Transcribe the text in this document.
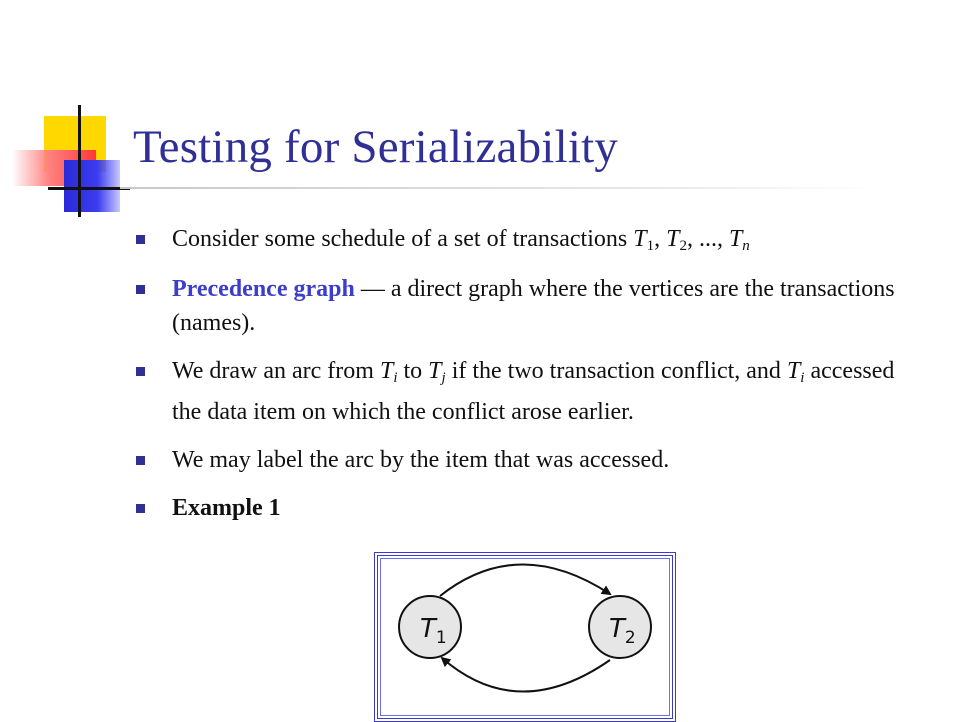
Testing for Serializability
Consider some schedule of a set of transactions $T_1$, $T_2$, ..., $T_n$
Precedence graph — a direct graph where the vertices are the transactions (names).
We draw an arc from $T_i$ to $T_j$ if the two transaction conflict, and $T_i$ accessed the data item on which the conflict arose earlier.
We may label the arc by the item that was accessed.
Example 1
$T_1$	$T_2$
